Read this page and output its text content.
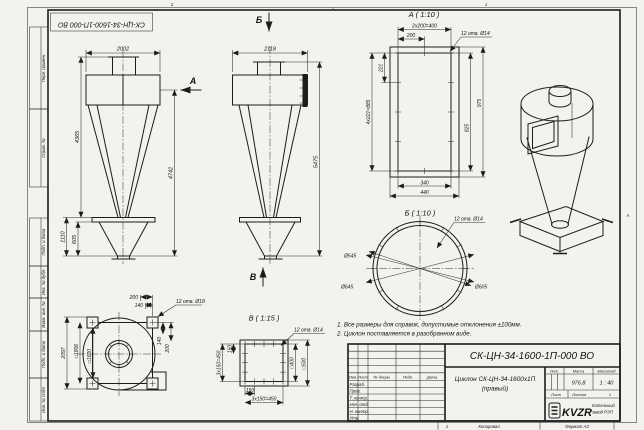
2	1
А
Перв. примен.
Справ. №
Подп. и дата
Инв. № дубл.
Взам. инв. №
Подп. и дата
Инв. № подл.
СК-ЦН-34-1600-1П-000 ВО
2002
4365
4742
1110 605
А
Б
2118
5475
В
А ( 1:10 )
2x200=400
200	12 отв. Ø14
221
4x221=885	975
825
340
440
Б ( 1:10 )
Ø545
Ø645	Ø605
12 отв. Ø14
2097 □1806 □1600
200
140
140
200
12 отв. Ø18
В ( 1:15 )
150
3x150=450	□400 □500
150
3x150=450
12 отв. Ø14
1. Все размеры для справок, допустимые отклонения ±100мм.
2. Циклон поставляется в разобранном виде.
Изм. Лист № докум.	Подп.	Дата
Разраб.
Пров.
Т. контр.
Нач. отд.
Н. контр.
Утв.
СК-ЦН-34-1600-1П-000 ВО
Циклон СК-ЦН-34-1600х1П
(правый)
Лит.	Масса	Масштаб
976,8	1 : 40
Лист	Листов	1
KVZR
Котельный
завод РЭП
1	Копировал	Формат А3
